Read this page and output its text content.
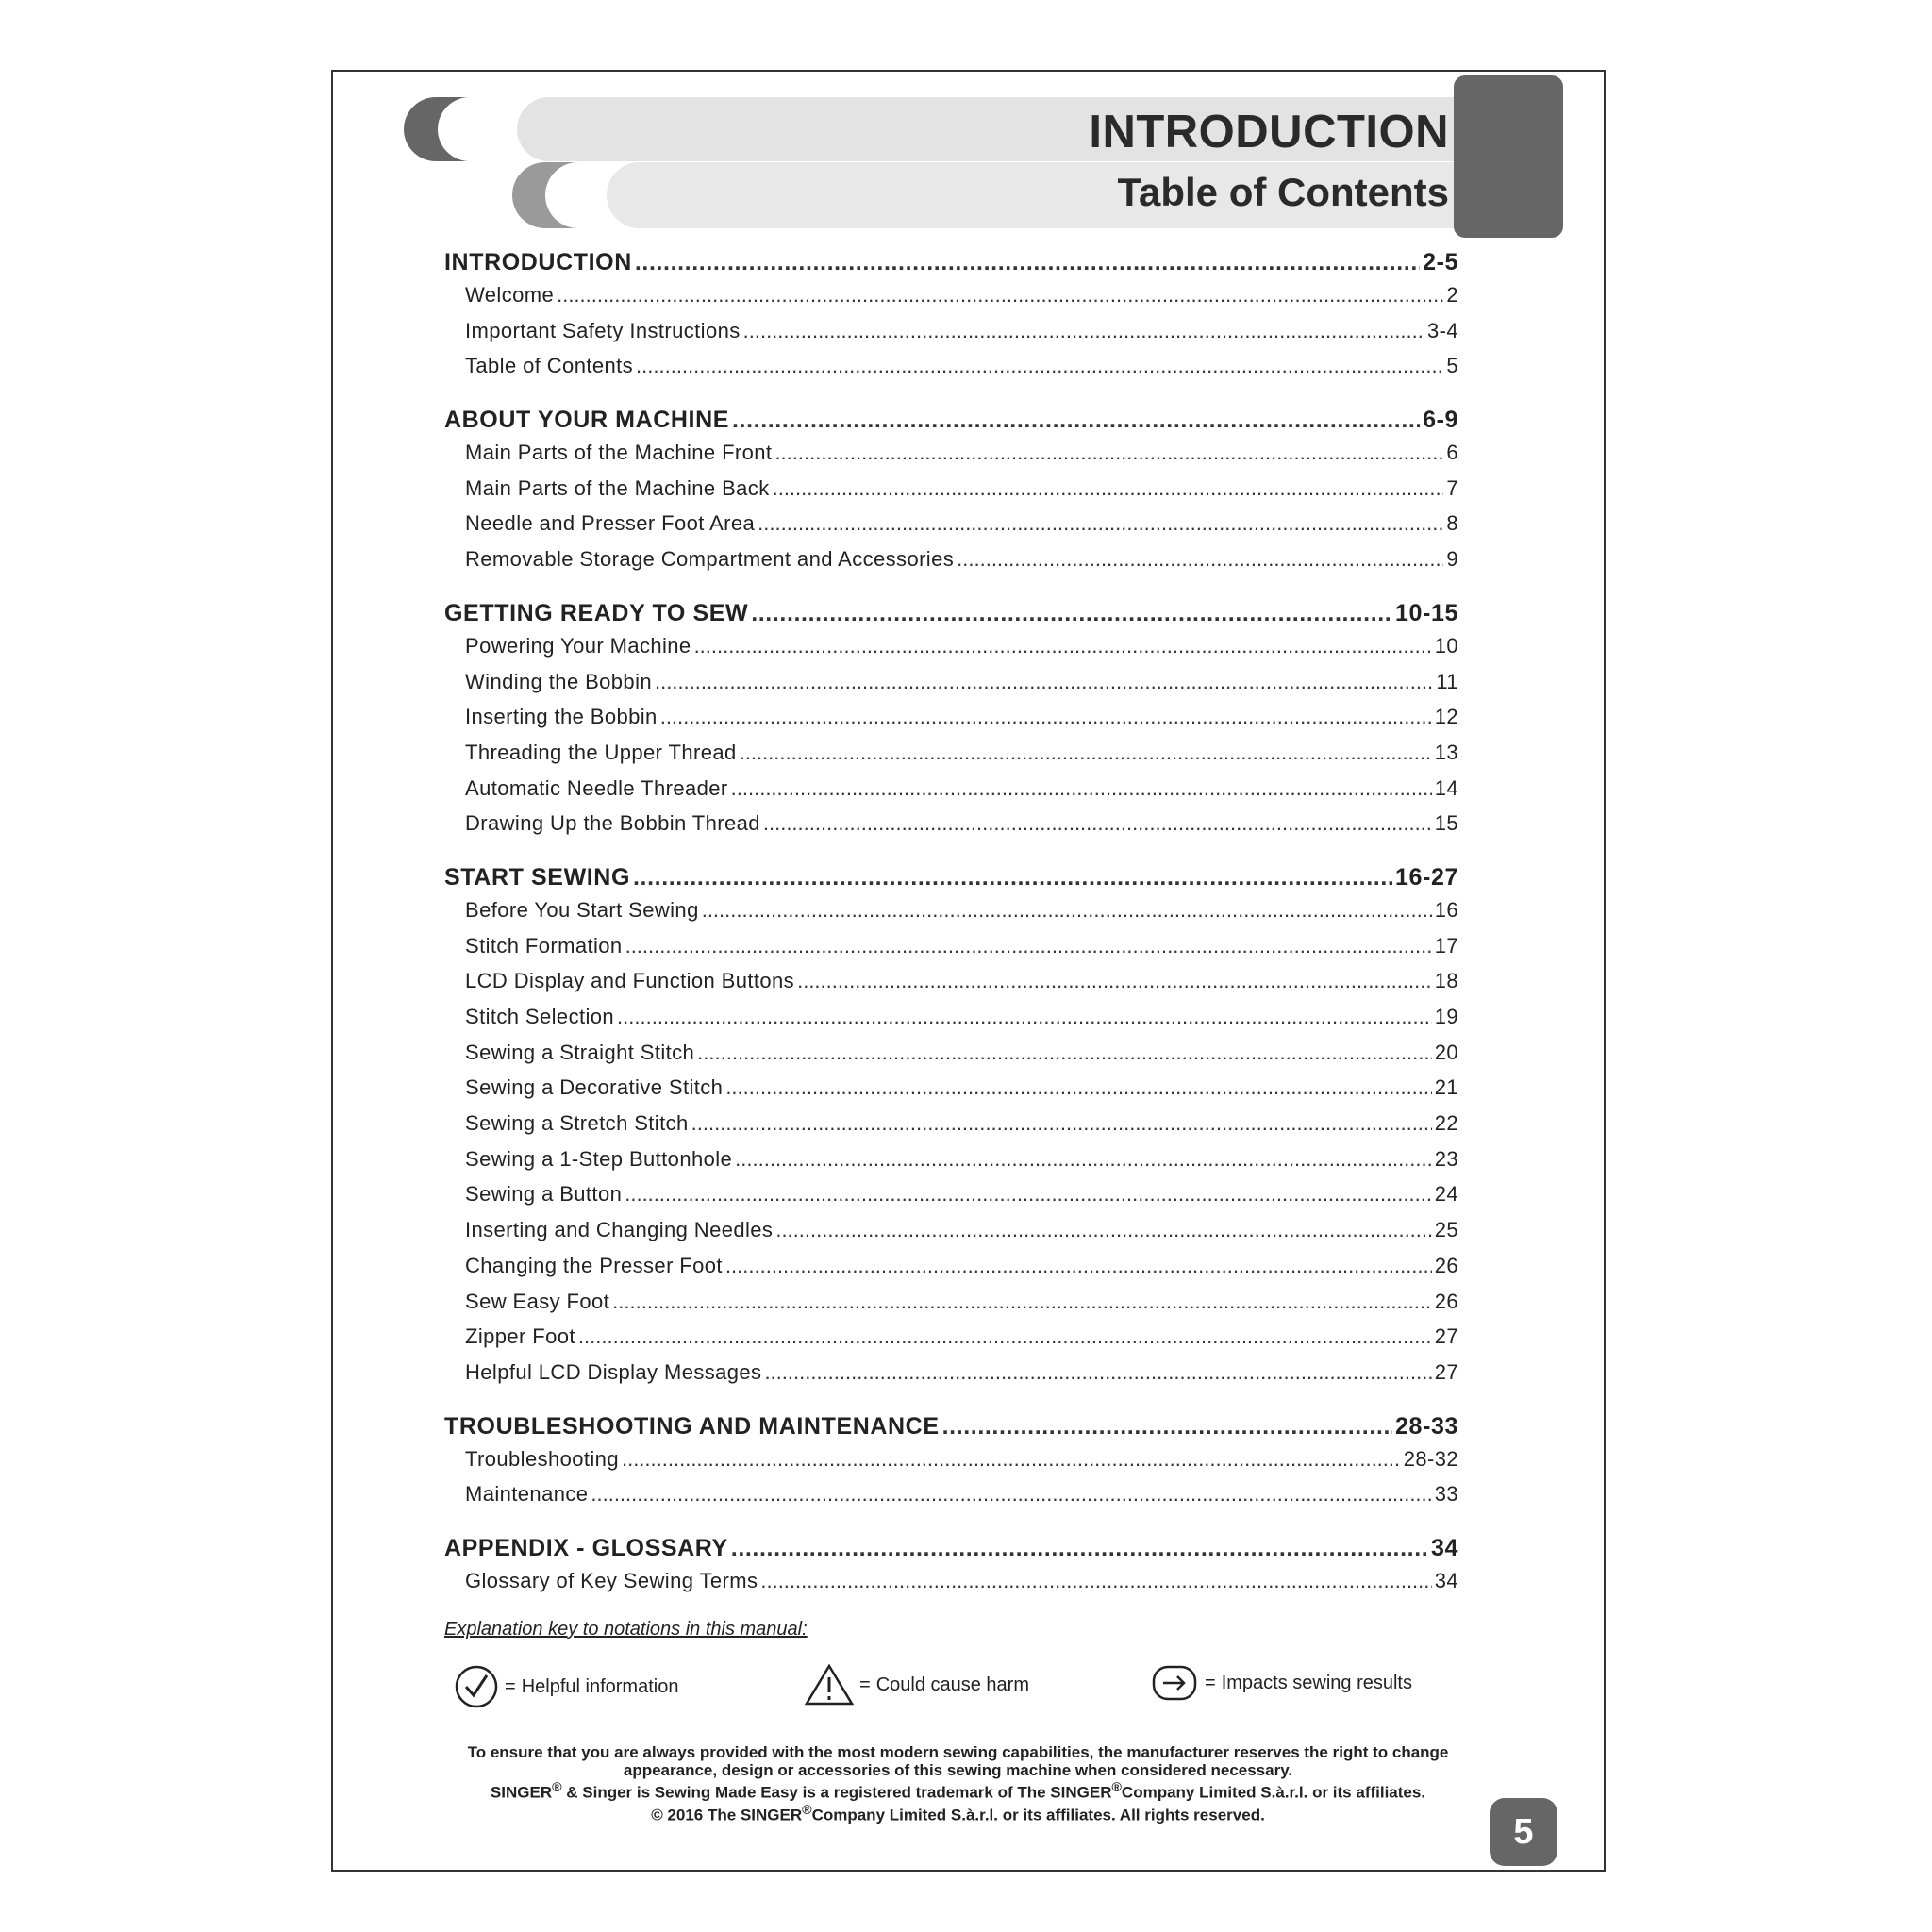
INTRODUCTION
Table of Contents
INTRODUCTION .....	2-5
Welcome .....	2
Important Safety Instructions .....	3-4
Table of Contents .....	5
ABOUT YOUR MACHINE .....	6-9
Main Parts of the Machine Front .....	6
Main Parts of the Machine Back .....	7
Needle and Presser Foot Area .....	8
Removable Storage Compartment and Accessories .....	9
GETTING READY TO SEW .....	10-15
Powering Your Machine .....	10
Winding the Bobbin .....	11
Inserting the Bobbin .....	12
Threading the Upper Thread .....	13
Automatic Needle Threader .....	14
Drawing Up the Bobbin Thread .....	15
START SEWING .....	16-27
Before You Start Sewing .....	16
Stitch Formation .....	17
LCD Display and Function Buttons .....	18
Stitch Selection .....	19
Sewing a Straight Stitch .....	20
Sewing a Decorative Stitch .....	21
Sewing a Stretch Stitch .....	22
Sewing a 1-Step Buttonhole .....	23
Sewing a Button .....	24
Inserting and Changing Needles .....	25
Changing the Presser Foot .....	26
Sew Easy Foot .....	26
Zipper Foot .....	27
Helpful LCD Display Messages .....	27
TROUBLESHOOTING AND MAINTENANCE .....	28-33
Troubleshooting .....	28-32
Maintenance .....	33
APPENDIX - GLOSSARY .....	34
Glossary of Key Sewing Terms .....	34
Explanation key to notations in this manual:
= Helpful information	= Could cause harm	= Impacts sewing results
To ensure that you are always provided with the most modern sewing capabilities, the manufacturer reserves the right to change appearance, design or accessories of this sewing machine when considered necessary.
SINGER® & Singer is Sewing Made Easy is a registered trademark of The SINGER®Company Limited S.à.r.l. or its affiliates.
© 2016 The SINGER®Company Limited S.à.r.l. or its affiliates. All rights reserved.	5
